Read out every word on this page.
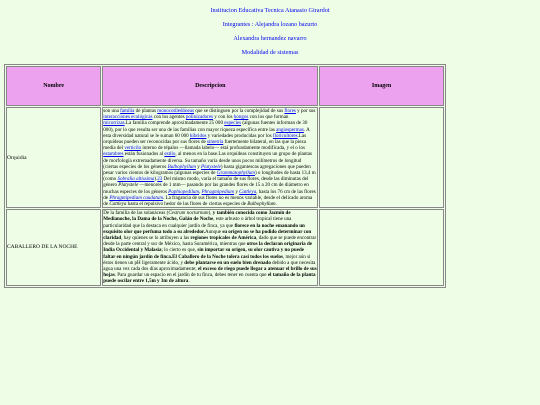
Institucion Educativa Tecnica Atanasio Girardot
Integrantes : Alejandra lozano bazurto
Alexandra hernandez navarro
Modalidad de sistemas
Nombre	Descripcion	Imagen
Orquidia	son una familia de plantas monocotiledóneas que se distinguen por la complejidad de sus flores y por sus interacciones ecológicas con los agentes polinizadores y con los hongos con los que forman micorrizas.La familia comprende aproximadamente 25 000 especies (algunas fuentes informan de 30 000), por lo que resulta ser una de las familias con mayor riqueza específica entre las angiospermas. A esta diversidad natural se le suman 60 000 híbridos y variedades producidas por los floricultores.Las orquídeas pueden ser reconocidas por sus flores de simetría fuertemente bilateral, en las que la pieza media del verticilo interno de tépalos —llamada labelo— está profundamente modificada, y el o los estambres están fusionados al estilo, al menos en la base.Las orquídeas constituyen un grupo de plantas de morfología extremadamente diversa. Su tamaño varía desde unos pocos milímetros de longitud (ciertas especies de los géneros Bulbophyllum y Platystele) hasta gigantescas agregaciones que pueden pesar varios cientos de kilogramos (algunas especies de Grammatophyllum) o longitudes de hasta 13,4 m (como Sobralia altissima).23 Del mismo modo, varía el tamaño de sus flores, desde las diminutas del género Platystele —menores de 1 mm— pasando por las grandes flores de 15 a 20 cm de diámetro en muchas especies de los géneros Paphiopedilum, Phragmipedium y Cattleya, hasta los 76 cm de las flores de Phragmipedium caudatum. La fragancia de sus flores no es menos variable, desde el delicado aroma de Cattleya hasta el repulsivo hedor de las flores de ciertas especies de Bulbophyllum.	
CABALLERO DE LA NOCHE	De la familia de las solanáceas (Cestrum nocturnum), y también conocida como Jazmín de Medianoche, la Dama de la Noche, Galán de Noche, este arbusto o árbol tropical tiene una particularidad que la destaca en cualquier jardín de finca, ya que florece en la noche emanando un exquisito olor que perfuma todo a su alrededor.Aunque su origen no se ha podido determinar con claridad, hay quienes se lo atribuyen a las regiones tropicales de América, dado que se puede encontrar desde la parte central y sur de México, hasta Suramérica, mientras que otros la declaran originaria de India Occidental y Malasia; lo cierto es que, sin importar su origen, su olor cautiva y no puede faltar en ningún jardín de finca.El Caballero de la Noche tolera casi todos los suelos, mejor aún si éstos tienen un pH ligeramente ácido, y debe plantarse en un suelo bien drenado debido a que necesita agua una vez cada dos días aproximadamente; el exceso de riego puede llegar a atenuar el brillo de sus hojas. Para guardar un espacio en el jardín de tu finca, debes tener en cuenta que el tamaño de la planta puede oscilar entre 1,5m y 3m de altura.	
